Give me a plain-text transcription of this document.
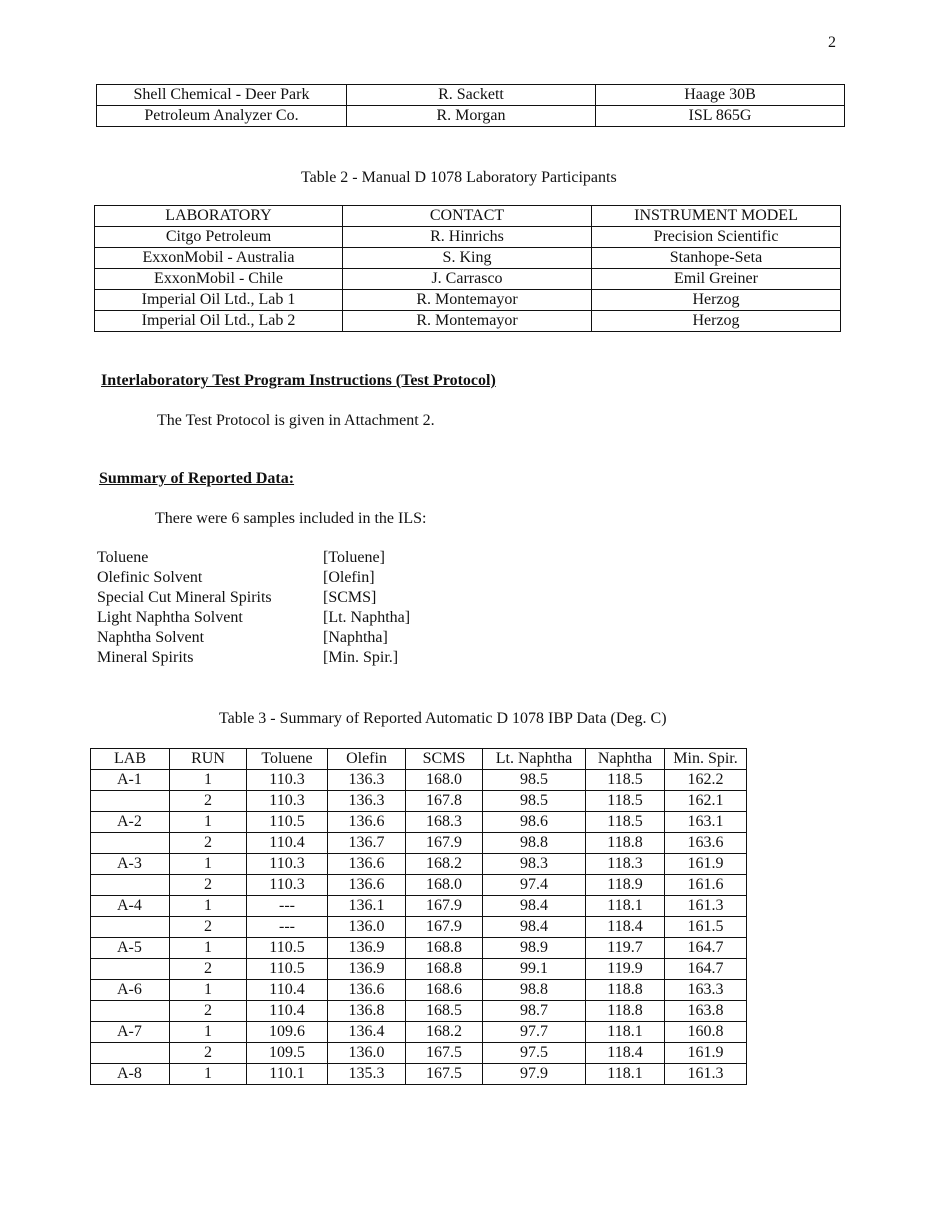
2
Shell Chemical - Deer Park	R. Sackett	Haage 30B
Petroleum Analyzer Co.	R. Morgan	ISL 865G
Table 2 - Manual D 1078 Laboratory Participants
LABORATORY	CONTACT	INSTRUMENT MODEL
Citgo Petroleum	R. Hinrichs	Precision Scientific
ExxonMobil - Australia	S. King	Stanhope-Seta
ExxonMobil - Chile	J. Carrasco	Emil Greiner
Imperial Oil Ltd., Lab 1	R. Montemayor	Herzog
Imperial Oil Ltd., Lab 2	R. Montemayor	Herzog
Interlaboratory Test Program Instructions (Test Protocol)
The Test Protocol is given in Attachment 2.
Summary of Reported Data:
There were 6 samples included in the ILS:
Toluene	[Toluene]
Olefinic Solvent	[Olefin]
Special Cut Mineral Spirits	[SCMS]
Light Naphtha Solvent	[Lt. Naphtha]
Naphtha Solvent	[Naphtha]
Mineral Spirits	[Min. Spir.]
Table 3 - Summary of Reported Automatic D 1078 IBP Data (Deg. C)
LAB	RUN	Toluene	Olefin	SCMS	Lt. Naphtha	Naphtha	Min. Spir.
A-1	1	110.3	136.3	168.0	98.5	118.5	162.2
	2	110.3	136.3	167.8	98.5	118.5	162.1
A-2	1	110.5	136.6	168.3	98.6	118.5	163.1
	2	110.4	136.7	167.9	98.8	118.8	163.6
A-3	1	110.3	136.6	168.2	98.3	118.3	161.9
	2	110.3	136.6	168.0	97.4	118.9	161.6
A-4	1	---	136.1	167.9	98.4	118.1	161.3
	2	---	136.0	167.9	98.4	118.4	161.5
A-5	1	110.5	136.9	168.8	98.9	119.7	164.7
	2	110.5	136.9	168.8	99.1	119.9	164.7
A-6	1	110.4	136.6	168.6	98.8	118.8	163.3
	2	110.4	136.8	168.5	98.7	118.8	163.8
A-7	1	109.6	136.4	168.2	97.7	118.1	160.8
	2	109.5	136.0	167.5	97.5	118.4	161.9
A-8	1	110.1	135.3	167.5	97.9	118.1	161.3
